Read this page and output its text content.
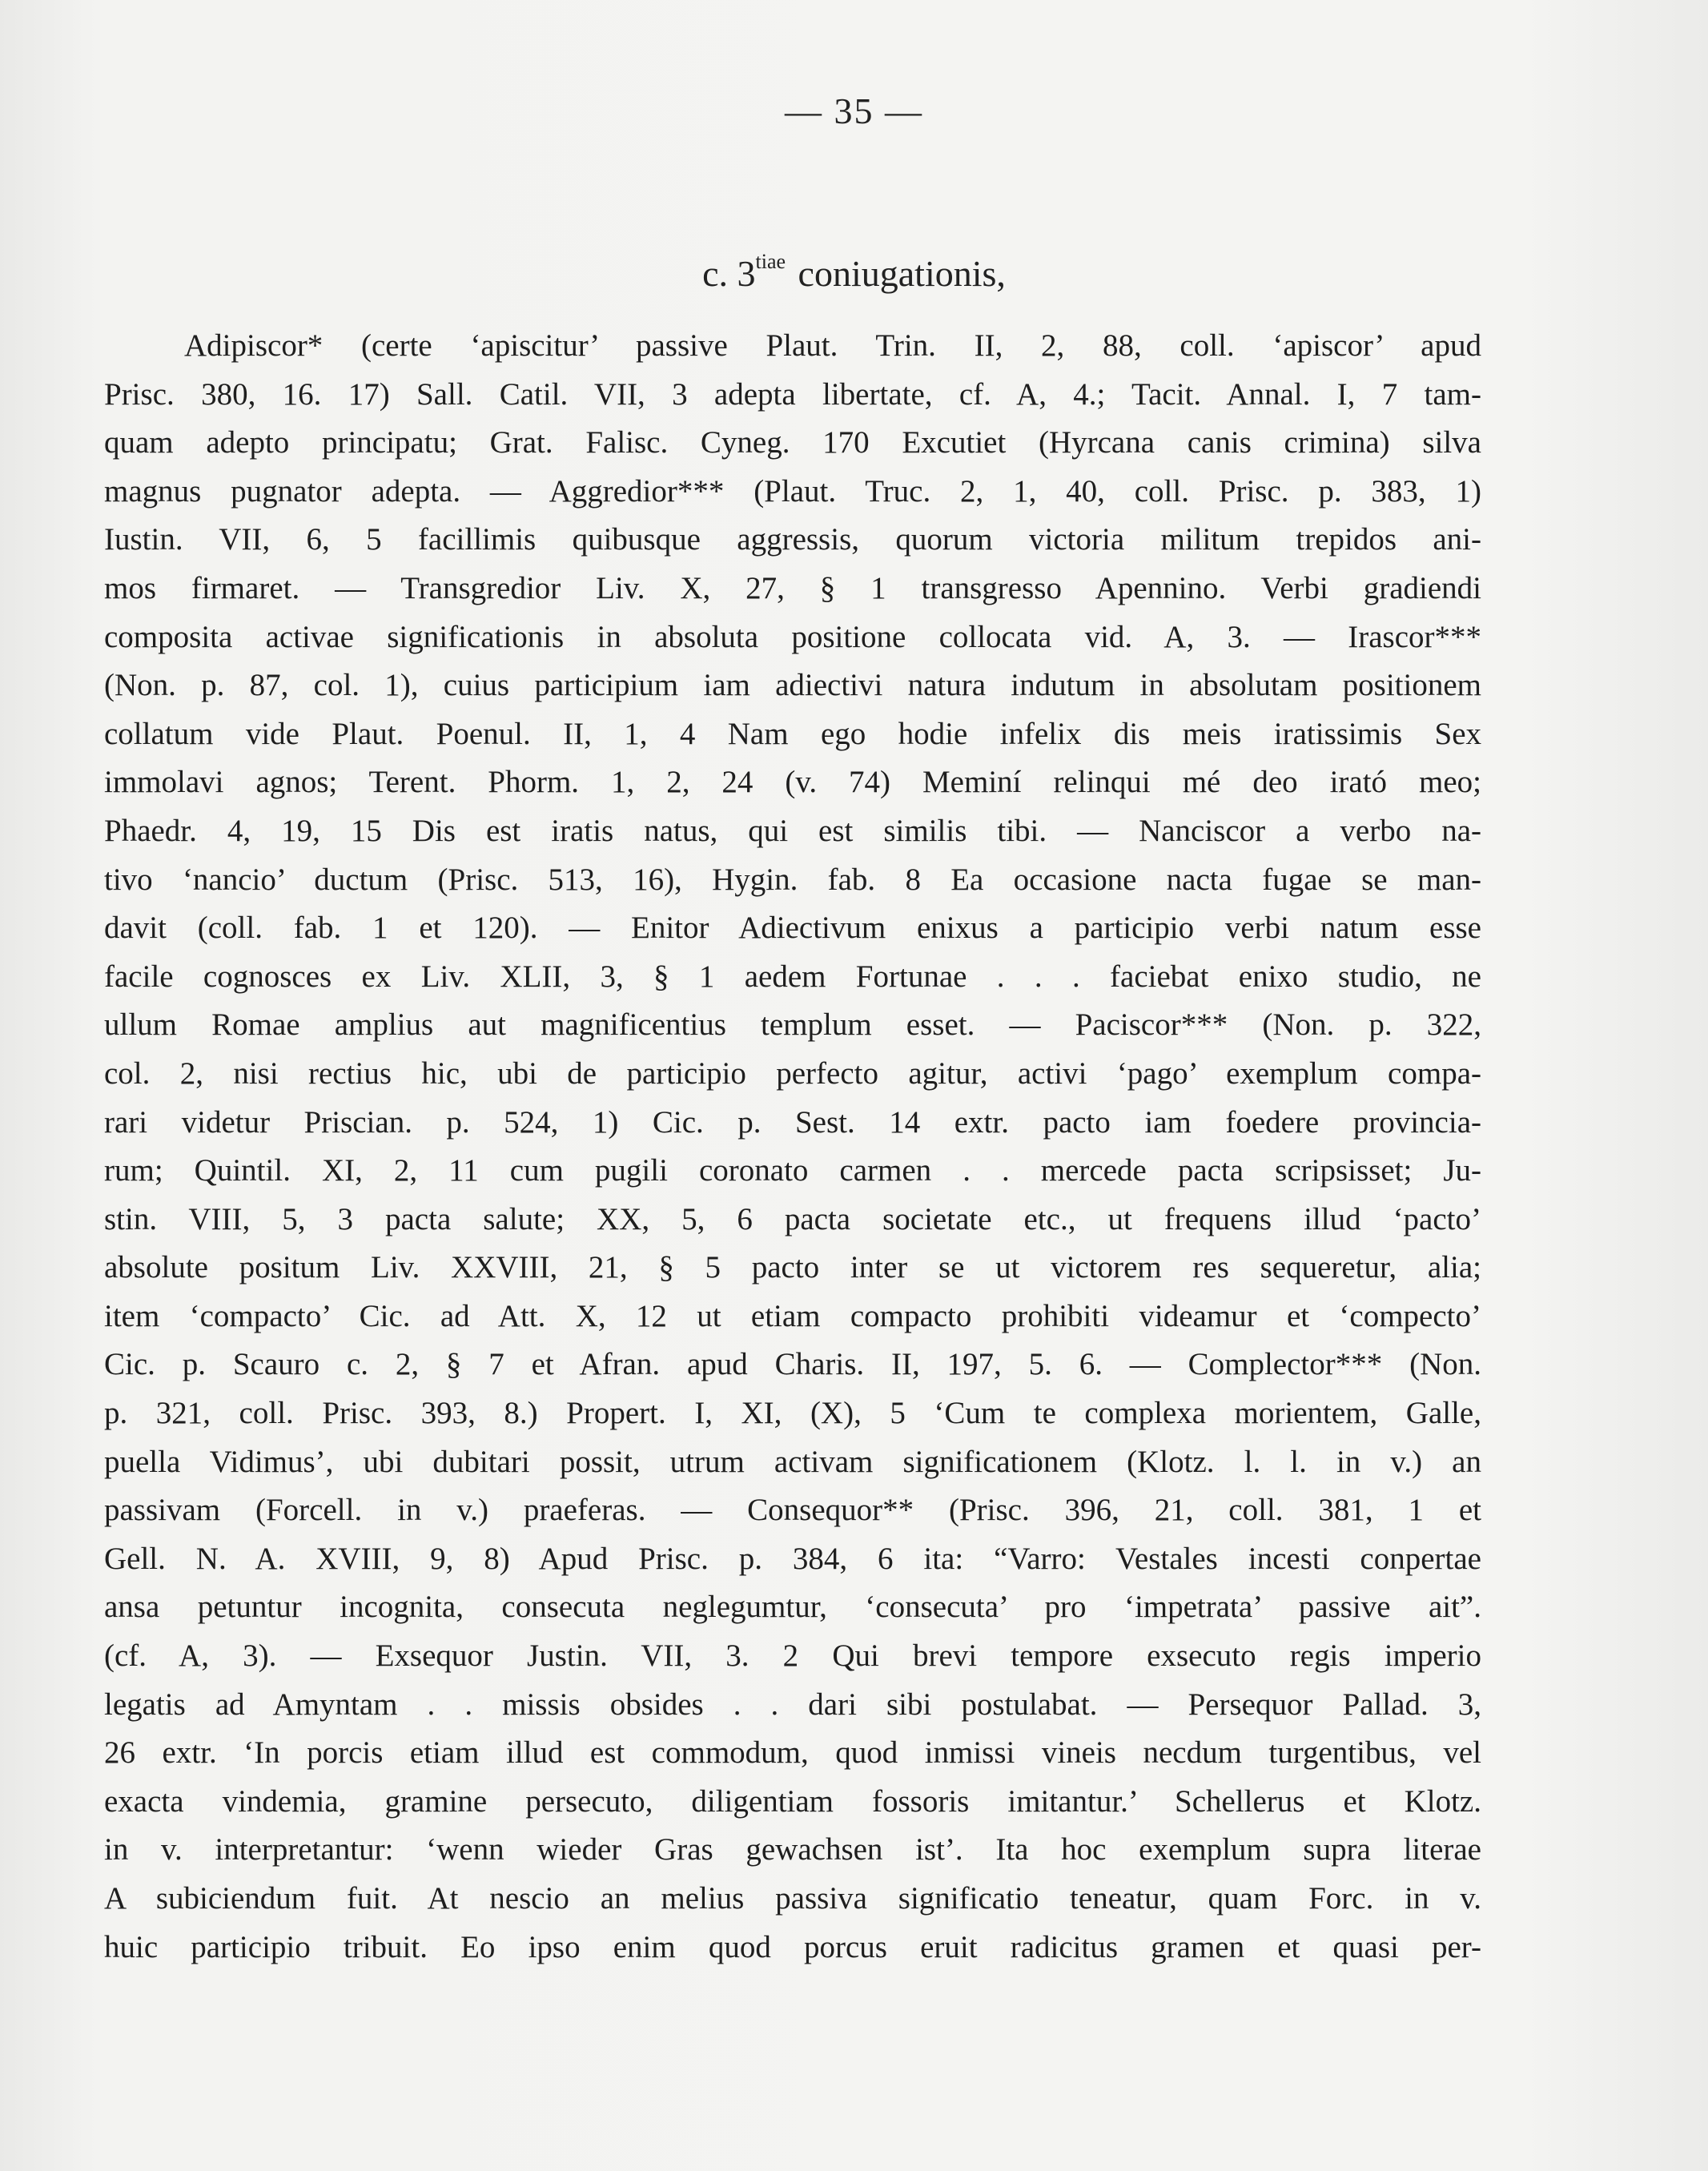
— 35 —
c. $3^{tiae}$ coniugationis,
Adipiscor* (certe ‘apiscitur’ passive Plaut. Trin. II, 2, 88, coll. ‘apiscor’ apud
Prisc. 380, 16. 17) Sall. Catil. VII, 3 adepta libertate, cf. A, 4.; Tacit. Annal. I, 7 tam-
quam adepto principatu; Grat. Falisc. Cyneg. 170 Excutiet (Hyrcana canis crimina) silva
magnus pugnator adepta. — Aggredior*** (Plaut. Truc. 2, 1, 40, coll. Prisc. p. 383, 1)
Iustin. VII, 6, 5 facillimis quibusque aggressis, quorum victoria militum trepidos ani-
mos firmaret. — Transgredior Liv. X, 27, § 1 transgresso Apennino. Verbi gradiendi
composita activae significationis in absoluta positione collocata vid. A, 3. — Irascor***
(Non. p. 87, col. 1), cuius participium iam adiectivi natura indutum in absolutam positionem
collatum vide Plaut. Poenul. II, 1, 4 Nam ego hodie infelix dis meis iratissimis Sex
immolavi agnos; Terent. Phorm. 1, 2, 24 (v. 74) Meminí relinqui mé deo irató meo;
Phaedr. 4, 19, 15 Dis est iratis natus, qui est similis tibi. — Nanciscor a verbo na-
tivo ‘nancio’ ductum (Prisc. 513, 16), Hygin. fab. 8 Ea occasione nacta fugae se man-
davit (coll. fab. 1 et 120). — Enitor Adiectivum enixus a participio verbi natum esse
facile cognosces ex Liv. XLII, 3, § 1 aedem Fortunae . . . faciebat enixo studio, ne
ullum Romae amplius aut magnificentius templum esset. — Paciscor*** (Non. p. 322,
col. 2, nisi rectius hic, ubi de participio perfecto agitur, activi ‘pago’ exemplum compa-
rari videtur Priscian. p. 524, 1) Cic. p. Sest. 14 extr. pacto iam foedere provincia-
rum; Quintil. XI, 2, 11 cum pugili coronato carmen . . mercede pacta scripsisset; Ju-
stin. VIII, 5, 3 pacta salute; XX, 5, 6 pacta societate etc., ut frequens illud ‘pacto’
absolute positum Liv. XXVIII, 21, § 5 pacto inter se ut victorem res sequeretur, alia;
item ‘compacto’ Cic. ad Att. X, 12 ut etiam compacto prohibiti videamur et ‘compecto’
Cic. p. Scauro c. 2, § 7 et Afran. apud Charis. II, 197, 5. 6. — Complector*** (Non.
p. 321, coll. Prisc. 393, 8.) Propert. I, XI, (X), 5 ‘Cum te complexa morientem, Galle,
puella Vidimus’, ubi dubitari possit, utrum activam significationem (Klotz. l. l. in v.) an
passivam (Forcell. in v.) praeferas. — Consequor** (Prisc. 396, 21, coll. 381, 1 et
Gell. N. A. XVIII, 9, 8) Apud Prisc. p. 384, 6 ita: “Varro: Vestales incesti conpertae
ansa petuntur incognita, consecuta neglegumtur, ‘consecuta’ pro ‘impetrata’ passive ait”.
(cf. A, 3). — Exsequor Justin. VII, 3. 2 Qui brevi tempore exsecuto regis imperio
legatis ad Amyntam . . missis obsides . . dari sibi postulabat. — Persequor Pallad. 3,
26 extr. ‘In porcis etiam illud est commodum, quod inmissi vineis necdum turgentibus, vel
exacta vindemia, gramine persecuto, diligentiam fossoris imitantur.’ Schellerus et Klotz.
in v. interpretantur: ‘wenn wieder Gras gewachsen ist’. Ita hoc exemplum supra literae
A subiciendum fuit. At nescio an melius passiva significatio teneatur, quam Forc. in v.
huic participio tribuit. Eo ipso enim quod porcus eruit radicitus gramen et quasi per-
